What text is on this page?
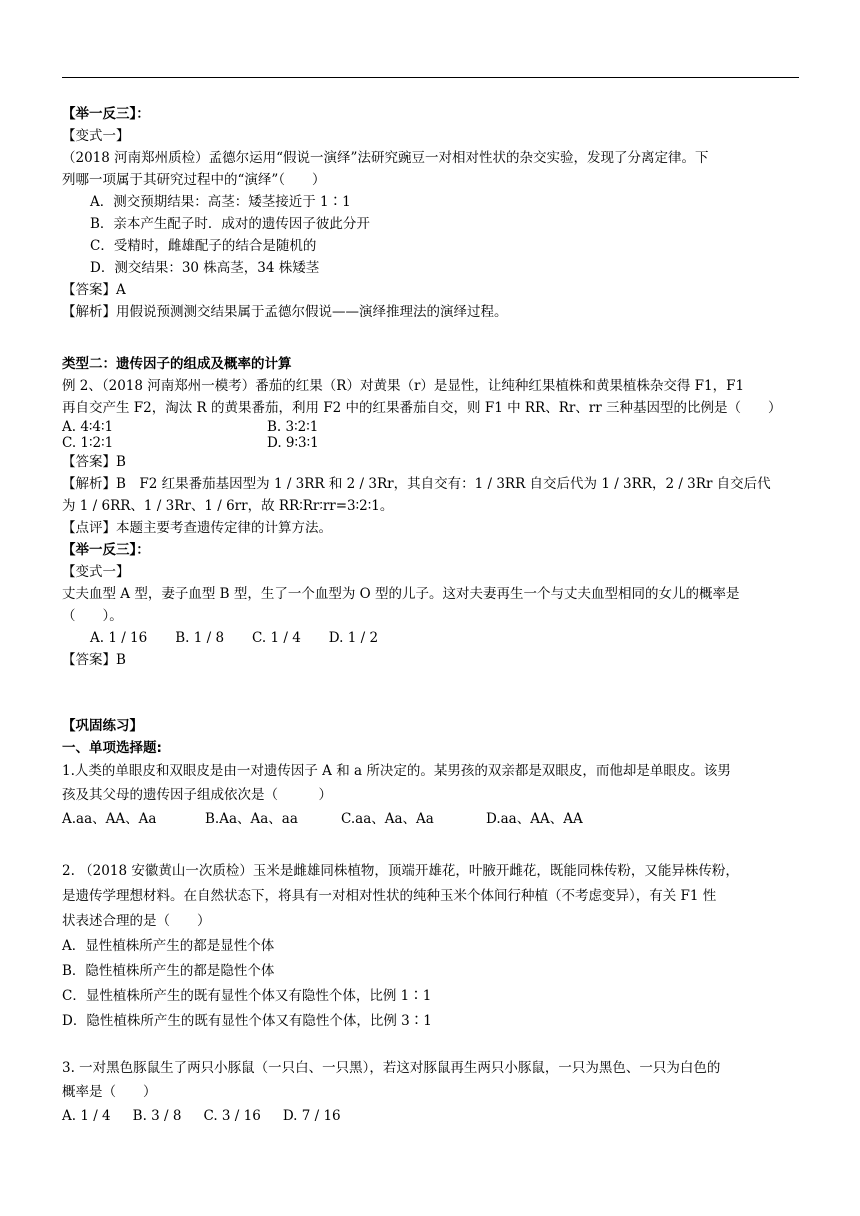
【举一反三】：

【变式一】

（2018 河南郑州质检）孟德尔运用“假说一演绎”法研究豌豆一对相对性状的杂交实验，发现了分离定律。下

列哪一项属于其研究过程中的“演绎”（　　）

A．测交预期结果：高茎：矮茎接近于 1∶1

B．亲本产生配子时．成对的遗传因子彼此分开

C．受精时，雌雄配子的结合是随机的

D．测交结果：30 株高茎，34 株矮茎

【答案】A

【解析】用假说预测测交结果属于孟德尔假说——演绎推理法的演绎过程。

类型二：遗传因子的组成及概率的计算

例 2、（2018 河南郑州一模考）番茄的红果（R）对黄果（r）是显性，让纯种红果植株和黄果植株杂交得 F1，F1

再自交产生 F2，淘汰 R 的黄果番茄，利用 F2 中的红果番茄自交，则 F1 中 RR、Rr、rr 三种基因型的比例是（　　）

A. 4∶4∶1	B. 3∶2∶1
C. 1∶2∶1	D. 9∶3∶1

【答案】B

【解析】B　F2 红果番茄基因型为 1 / 3RR 和 2 / 3Rr，其自交有：1 / 3RR 自交后代为 1 / 3RR，2 / 3Rr 自交后代

为 1 / 6RR、1 / 3Rr、1 / 6rr，故 RR∶Rr∶rr=3∶2∶1。

【点评】本题主要考查遗传定律的计算方法。

【举一反三】：

【变式一】

丈夫血型 A 型，妻子血型 B 型，生了一个血型为 O 型的儿子。这对夫妻再生一个与丈夫血型相同的女儿的概率是

（　　）。

A. 1 / 16 B. 1 / 8 C. 1 / 4 D. 1 / 2

【答案】B

【巩固练习】

一、单项选择题:

1.人类的单眼皮和双眼皮是由一对遗传因子 A 和 a 所决定的。某男孩的双亲都是双眼皮，而他却是单眼皮。该男

孩及其父母的遗传因子组成依次是（　　　）

A.aa、AA、Aa	B.Aa、Aa、aa	C.aa、Aa、Aa	D.aa、AA、AA

2. （2018 安徽黄山一次质检）玉米是雌雄同株植物，顶端开雄花，叶腋开雌花，既能同株传粉，又能异株传粉，

是遗传学理想材料。在自然状态下，将具有一对相对性状的纯种玉米个体间行种植（不考虑变异），有关 F1 性

状表述合理的是（　　）

A．显性植株所产生的都是显性个体

B．隐性植株所产生的都是隐性个体

C．显性植株所产生的既有显性个体又有隐性个体，比例 1∶1

D．隐性植株所产生的既有显性个体又有隐性个体，比例 3∶1

3. 一对黑色豚鼠生了两只小豚鼠（一只白、一只黑），若这对豚鼠再生两只小豚鼠，一只为黑色、一只为白色的

概率是（　　）

A. 1 / 4 B. 3 / 8 C. 3 / 16 D. 7 / 16
